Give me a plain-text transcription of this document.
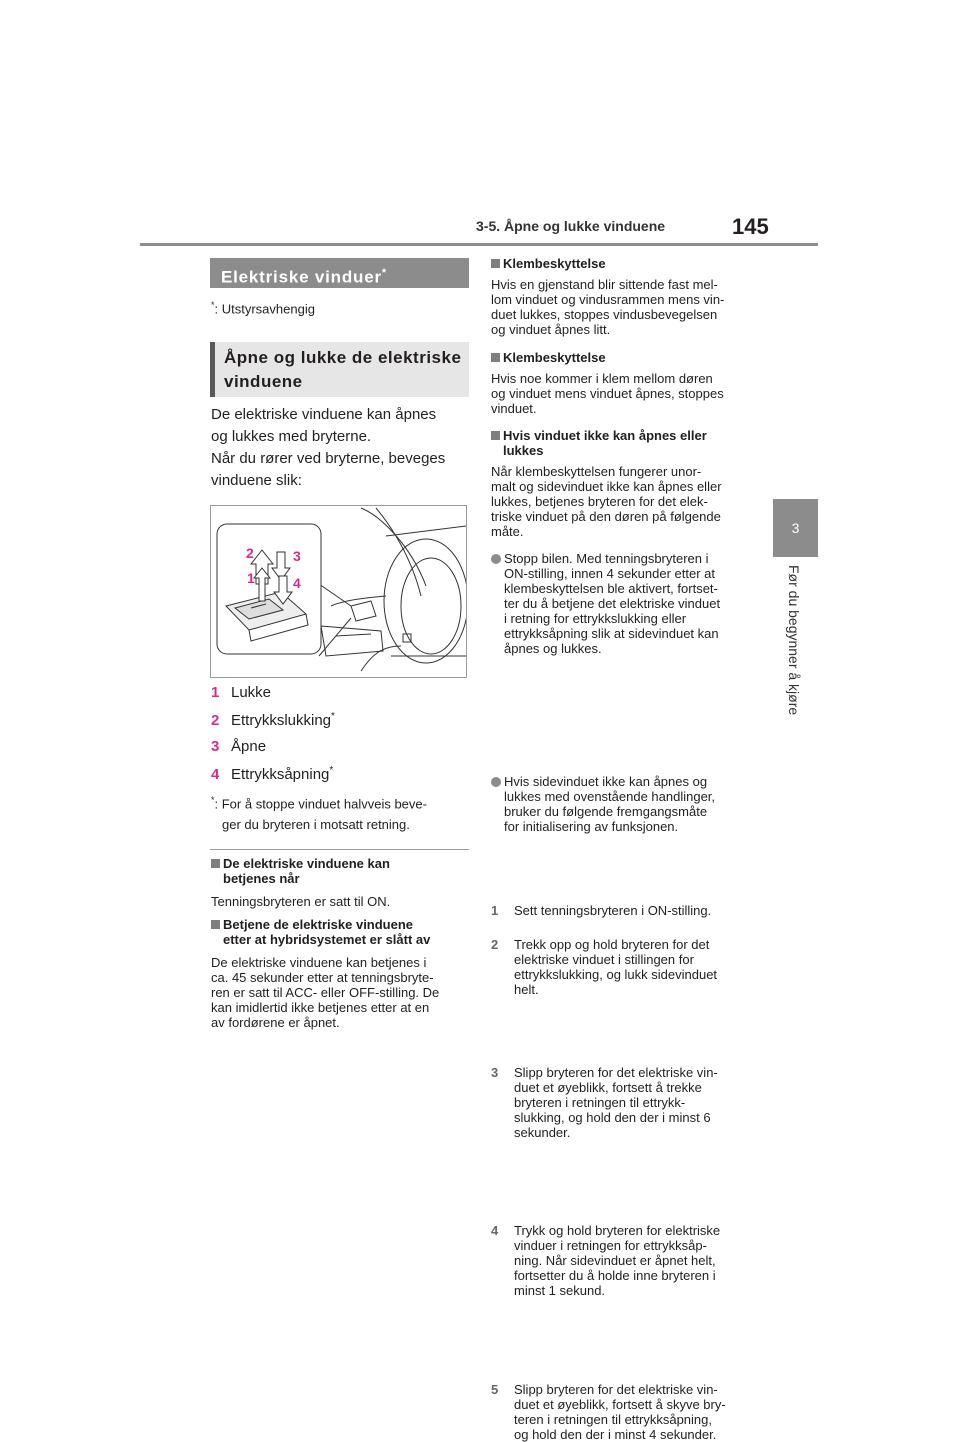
3-5. Åpne og lukke vinduene	145
3
Før du begynner å kjøre
Elektriske vinduer*
*: Utstyrsavhengig
Åpne og lukke de elektriske
vinduene

De elektriske vinduene kan åpnes

og lukkes med bryterne.

Når du rører ved bryterne, beveges

vinduene slik:

2	3
1	4
1 Lukke
2 Ettrykkslukking*
3 Åpne
4 Ettrykksåpning*
*: For å stoppe vinduet halvveis beve-
ger du bryteren i motsatt retning.
De elektriske vinduene kan
betjenes når

Tenningsbryteren er satt til ON.

Betjene de elektriske vinduene
etter at hybridsystemet er slått av

De elektriske vinduene kan betjenes i

ca. 45 sekunder etter at tenningsbryte-

ren er satt til ACC- eller OFF-stilling. De

kan imidlertid ikke betjenes etter at en

av fordørene er åpnet.

Klembeskyttelse

Hvis en gjenstand blir sittende fast mel-

lom vinduet og vindusrammen mens vin-

duet lukkes, stoppes vindusbevegelsen

og vinduet åpnes litt.

Klembeskyttelse

Hvis noe kommer i klem mellom døren

og vinduet mens vinduet åpnes, stoppes

vinduet.

Hvis vinduet ikke kan åpnes eller
lukkes

Når klembeskyttelsen fungerer unor-

malt og sidevinduet ikke kan åpnes eller

lukkes, betjenes bryteren for det elek-

triske vinduet på den døren på følgende

måte.

Stopp bilen. Med tenningsbryteren i

ON-stilling, innen 4 sekunder etter at

klembeskyttelsen ble aktivert, fortset-

ter du å betjene det elektriske vinduet

i retning for ettrykkslukking eller

ettrykksåpning slik at sidevinduet kan

åpnes og lukkes.

Hvis sidevinduet ikke kan åpnes og

lukkes med ovenstående handlinger,

bruker du følgende fremgangsmåte

for initialisering av funksjonen.

1 Sett tenningsbryteren i ON-stilling.

2 Trekk opp og hold bryteren for det

elektriske vinduet i stillingen for

ettrykkslukking, og lukk sidevinduet

helt.

3 Slipp bryteren for det elektriske vin-

duet et øyeblikk, fortsett å trekke

bryteren i retningen til ettrykk-

slukking, og hold den der i minst 6

sekunder.

4 Trykk og hold bryteren for elektriske

vinduer i retningen for ettrykksåp-

ning. Når sidevinduet er åpnet helt,

fortsetter du å holde inne bryteren i

minst 1 sekund.

5 Slipp bryteren for det elektriske vin-

duet et øyeblikk, fortsett å skyve bry-

teren i retningen til ettrykksåpning,

og hold den der i minst 4 sekunder.
